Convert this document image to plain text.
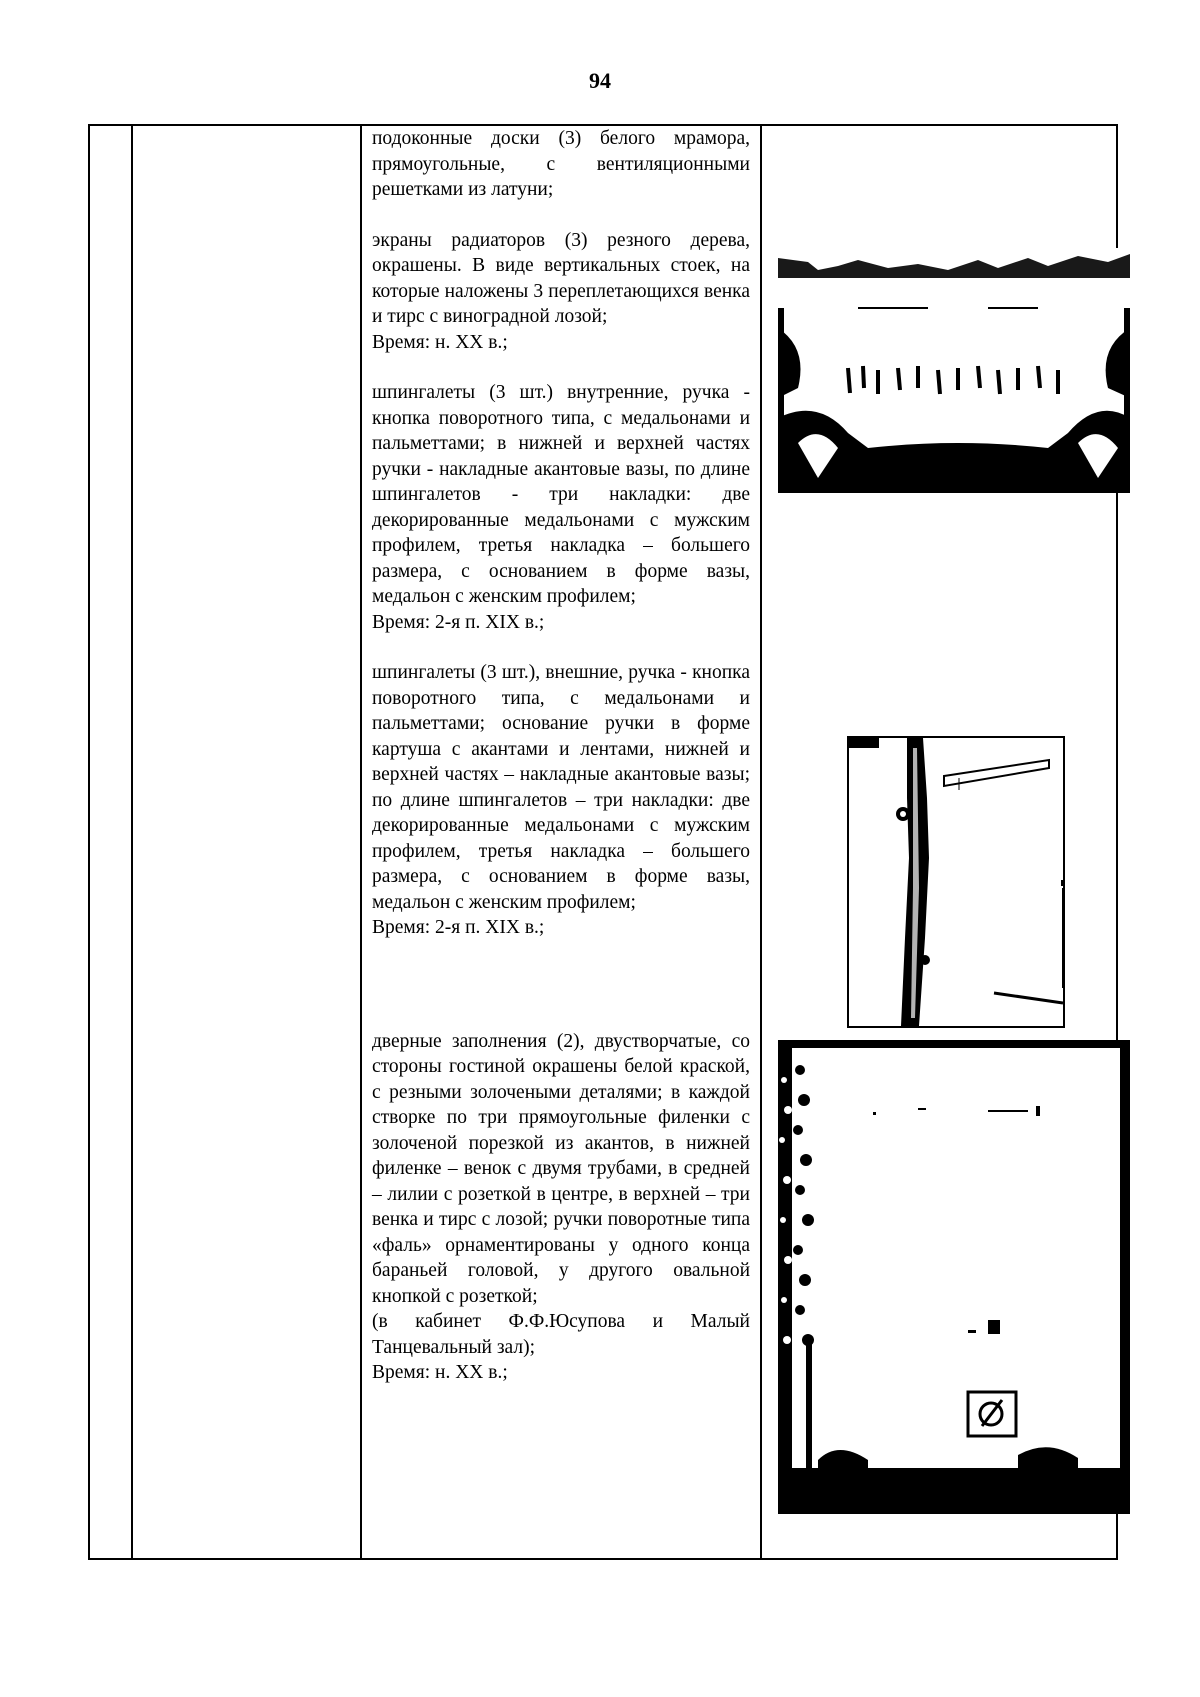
94

подоконные доски (3) белого мрамора, прямоугольные, с вентиляционными решетками из латуни;

экраны радиаторов (3) резного дерева, окрашены. В виде вертикальных стоек, на которые наложены 3 переплетающихся венка и тирс с виноградной лозой;

Время: н. XX в.;

шпингалеты (3 шт.) внутренние, ручка - кнопка поворотного типа, с медальонами и пальметтами; в нижней и верхней частях ручки - накладные акантовые вазы, по длине шпингалетов - три накладки: две декорированные медальонами с мужским профилем, третья накладка – большего размера, с основанием в форме вазы, медальон с женским профилем;

Время: 2-я п. XIX в.;

шпингалеты (3 шт.), внешние, ручка - кнопка поворотного типа, с медальонами и пальметтами; основание ручки в форме картуша с акантами и лентами, нижней и верхней частях – накладные акантовые вазы; по длине шпингалетов – три накладки: две декорированные медальонами с мужским профилем, третья накладка – большего размера, с основанием в форме вазы, медальон с женским профилем;

Время: 2-я п. XIX в.;

дверные заполнения (2), двустворчатые, со стороны гостиной окрашены белой краской, с резными золочеными деталями; в каждой створке по три прямоугольные филенки с золоченой порезкой из акантов, в нижней филенке – венок с двумя трубами, в средней – лилии с розеткой в центре, в верхней – три венка и тирс с лозой; ручки поворотные типа «фаль» орнаментированы у одного конца бараньей головой, у другого овальной кнопкой с розеткой;

(в кабинет Ф.Ф.Юсупова и Малый Танцевальный зал);

Время: н. XX в.;
